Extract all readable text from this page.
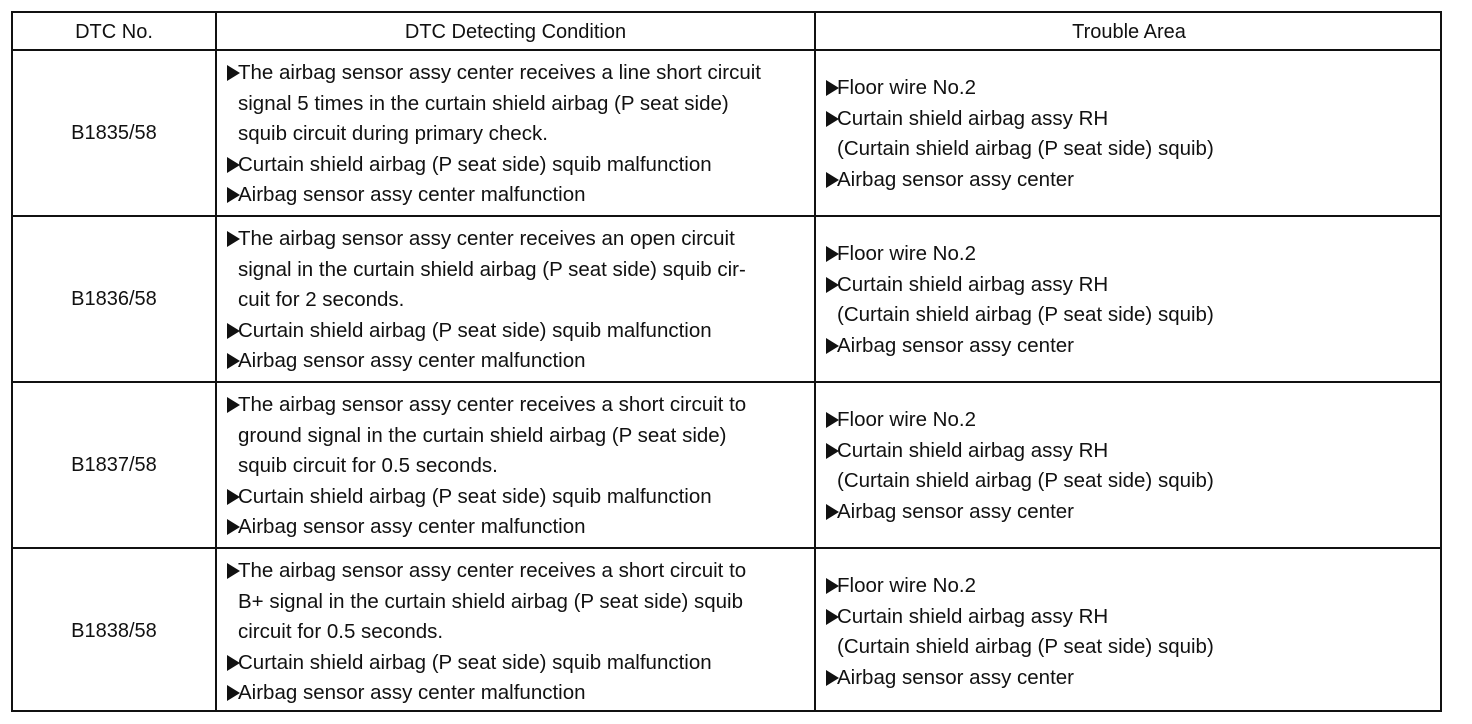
DTC No.	DTC Detecting Condition	Trouble Area
B1835/58
The airbag sensor assy center receives a line short circuit
signal 5 times in the curtain shield airbag (P seat side)
squib circuit during primary check.
Curtain shield airbag (P seat side) squib malfunction
Airbag sensor assy center malfunction
Floor wire No.2
Curtain shield airbag assy RH
(Curtain shield airbag (P seat side) squib)
Airbag sensor assy center
B1836/58
The airbag sensor assy center receives an open circuit
signal in the curtain shield airbag (P seat side) squib cir-
cuit for 2 seconds.
Curtain shield airbag (P seat side) squib malfunction
Airbag sensor assy center malfunction
Floor wire No.2
Curtain shield airbag assy RH
(Curtain shield airbag (P seat side) squib)
Airbag sensor assy center
B1837/58
The airbag sensor assy center receives a short circuit to
ground signal in the curtain shield airbag (P seat side)
squib circuit for 0.5 seconds.
Curtain shield airbag (P seat side) squib malfunction
Airbag sensor assy center malfunction
Floor wire No.2
Curtain shield airbag assy RH
(Curtain shield airbag (P seat side) squib)
Airbag sensor assy center
B1838/58
The airbag sensor assy center receives a short circuit to
B+ signal in the curtain shield airbag (P seat side) squib
circuit for 0.5 seconds.
Curtain shield airbag (P seat side) squib malfunction
Airbag sensor assy center malfunction
Floor wire No.2
Curtain shield airbag assy RH
(Curtain shield airbag (P seat side) squib)
Airbag sensor assy center
